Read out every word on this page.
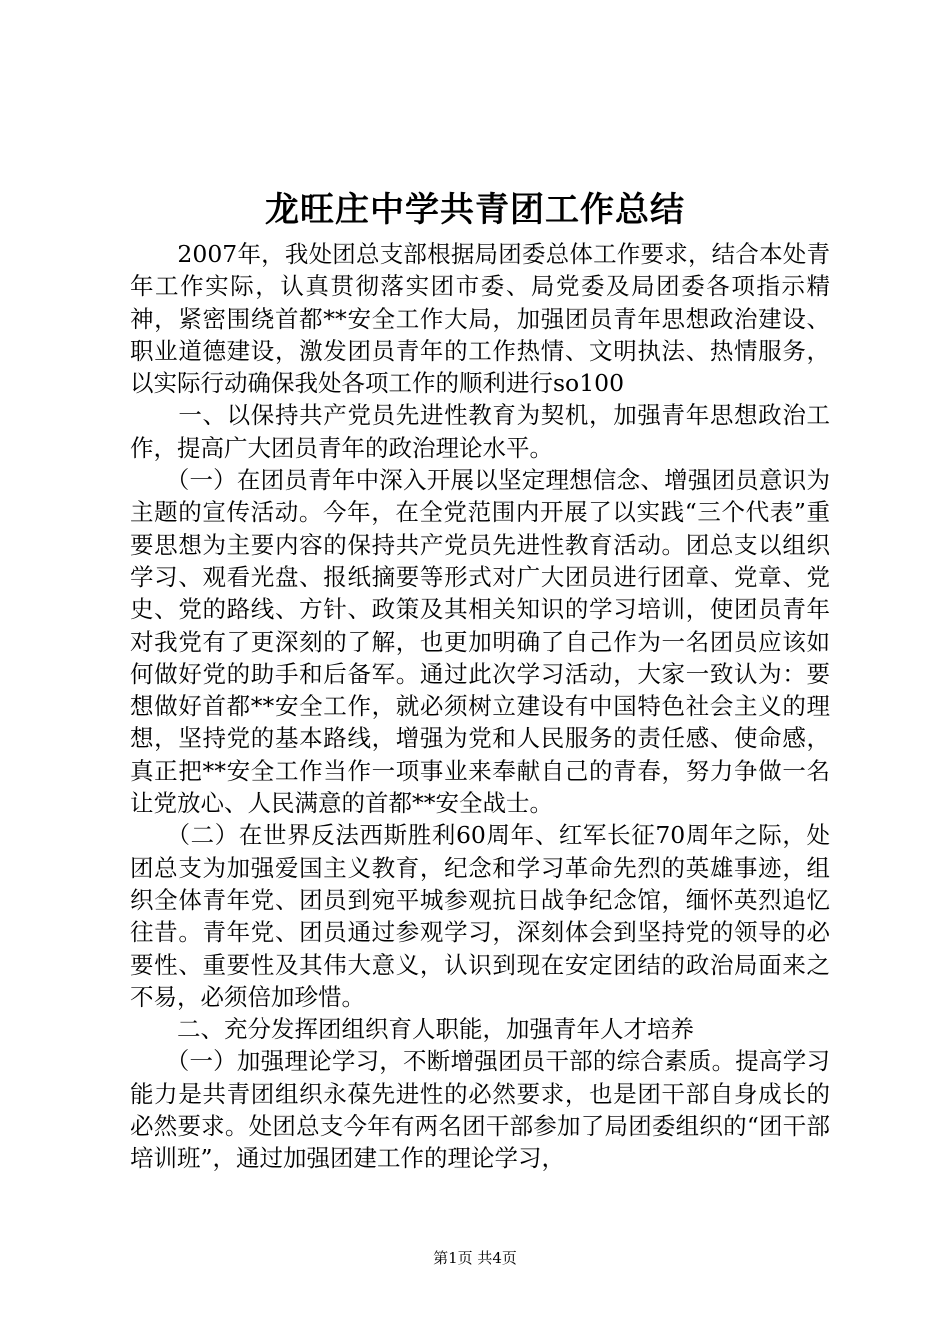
龙旺庄中学共青团工作总结

　　2007年，我处团总支部根据局团委总体工作要求，结合本处青年工作实际，认真贯彻落实团市委、局党委及局团委各项指示精神，紧密围绕首都**安全工作大局，加强团员青年思想政治建设、职业道德建设，激发团员青年的工作热情、文明执法、热情服务，以实际行动确保我处各项工作的顺利进行so100

　　一、以保持共产党员先进性教育为契机，加强青年思想政治工作，提高广大团员青年的政治理论水平。

　　（一）在团员青年中深入开展以坚定理想信念、增强团员意识为主题的宣传活动。今年，在全党范围内开展了以实践“三个代表”重要思想为主要内容的保持共产党员先进性教育活动。团总支以组织学习、观看光盘、报纸摘要等形式对广大团员进行团章、党章、党史、党的路线、方针、政策及其相关知识的学习培训，使团员青年对我党有了更深刻的了解，也更加明确了自己作为一名团员应该如何做好党的助手和后备军。通过此次学习活动，大家一致认为：要想做好首都**安全工作，就必须树立建设有中国特色社会主义的理想，坚持党的基本路线，增强为党和人民服务的责任感、使命感，真正把**安全工作当作一项事业来奉献自己的青春，努力争做一名让党放心、人民满意的首都**安全战士。

　　（二）在世界反法西斯胜利60周年、红军长征70周年之际，处团总支为加强爱国主义教育，纪念和学习革命先烈的英雄事迹，组织全体青年党、团员到宛平城参观抗日战争纪念馆，缅怀英烈追忆往昔。青年党、团员通过参观学习，深刻体会到坚持党的领导的必要性、重要性及其伟大意义，认识到现在安定团结的政治局面来之不易，必须倍加珍惜。

　　二、充分发挥团组织育人职能，加强青年人才培养

　　（一）加强理论学习，不断增强团员干部的综合素质。提高学习能力是共青团组织永葆先进性的必然要求，也是团干部自身成长的必然要求。处团总支今年有两名团干部参加了局团委组织的“团干部培训班”，通过加强团建工作的理论学习，

第1页 共4页
